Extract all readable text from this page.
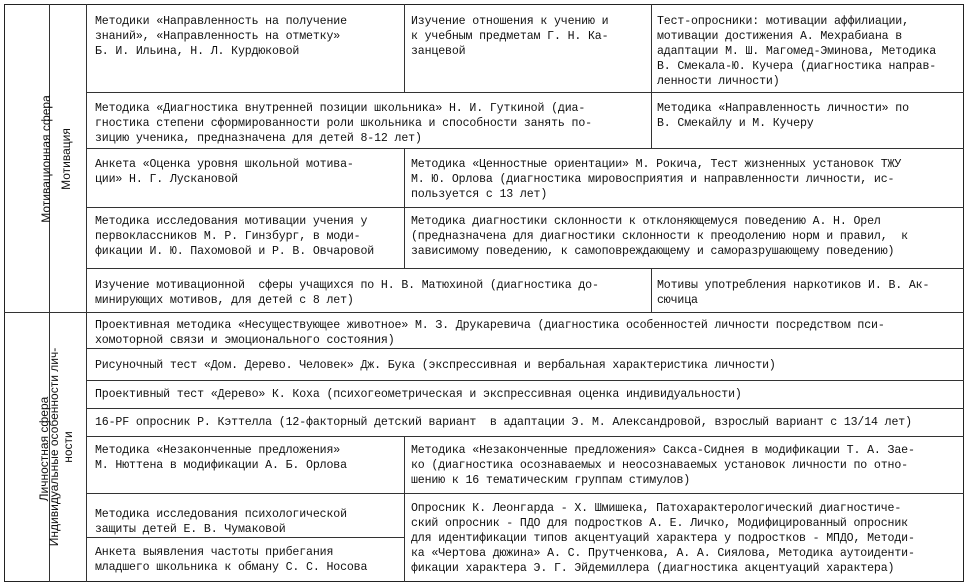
Мотивационная сфера Мотивация
Личностная сфера
Индивидуальные особенности лич-
ности
Методики «Направленность на получение
знаний», «Направленность на отметку»
Б. И. Ильина, Н. Л. Курдюковой
Изучение отношения к учению и
к учебным предметам Г. Н. Ка-
занцевой
Тест-опросники: мотивации аффилиации,
мотивации достижения А. Мехрабиана в
адаптации М. Ш. Магомед-Эминова, Методика
В. Смекала-Ю. Кучера (диагностика направ-
ленности личности)
Методика «Диагностика внутренней позиции школьника» Н. И. Гуткиной (диа-
гностика степени сформированности роли школьника и способности занять по-
зицию ученика, предназначена для детей 8-12 лет)
Методика «Направленность личности» по
В. Смекайлу и М. Кучеру
Анкета «Оценка уровня школьной мотива-
ции» Н. Г. Лускановой
Методика «Ценностные ориентации» М. Рокича, Тест жизненных установок ТЖУ
М. Ю. Орлова (диагностика мировосприятия и направленности личности, ис-
пользуется с 13 лет)
Методика исследования мотивации учения у
первоклассников М. Р. Гинзбург, в моди-
фикации И. Ю. Пахомовой и Р. В. Овчаровой
Методика диагностики склонности к отклоняющемуся поведению А. Н. Орел
(предназначена для диагностики склонности к преодолению норм и правил,  к
зависимому поведению, к самоповреждающему и саморазрушающему поведению)
Изучение мотивационной  сферы учащихся по Н. В. Матюхиной (диагностика до-
минирующих мотивов, для детей с 8 лет)
Мотивы употребления наркотиков И. В. Ак-
сючица
Проективная методика «Несуществующее животное» М. З. Друкаревича (диагностика особенностей личности посредством пси-
хомоторной связи и эмоционального состояния)
Рисуночный тест «Дом. Дерево. Человек» Дж. Бука (экспрессивная и вербальная характеристика личности)
Проективный тест «Дерево» К. Коха (психогеометрическая и экспрессивная оценка индивидуальности)
16-PF опросник Р. Кэттелла (12-факторный детский вариант  в адаптации Э. М. Александровой, взрослый вариант с 13/14 лет)
Методика «Незаконченные предложения»
М. Нюттена в модификации А. Б. Орлова
Методика «Незаконченные предложения» Сакса-Сиднея в модификации Т. А. Зае-
ко (диагностика осознаваемых и неосознаваемых установок личности по отно-
шению к 16 тематическим группам стимулов)
Методика исследования психологической
защиты детей Е. В. Чумаковой
Анкета выявления частоты прибегания
младшего школьника к обману С. С. Носова
Опросник К. Леонгарда - Х. Шмишека, Патохарактерологический диагностиче-
ский опросник - ПДО для подростков А. Е. Личко, Модифицированный опросник
для идентификации типов акцентуаций характера у подростков - МПДО, Методи-
ка «Чертова дюжина» А. С. Прутченкова, А. А. Сиялова, Методика аутоиденти-
фикации характера Э. Г. Эйдемиллера (диагностика акцентуаций характера)
